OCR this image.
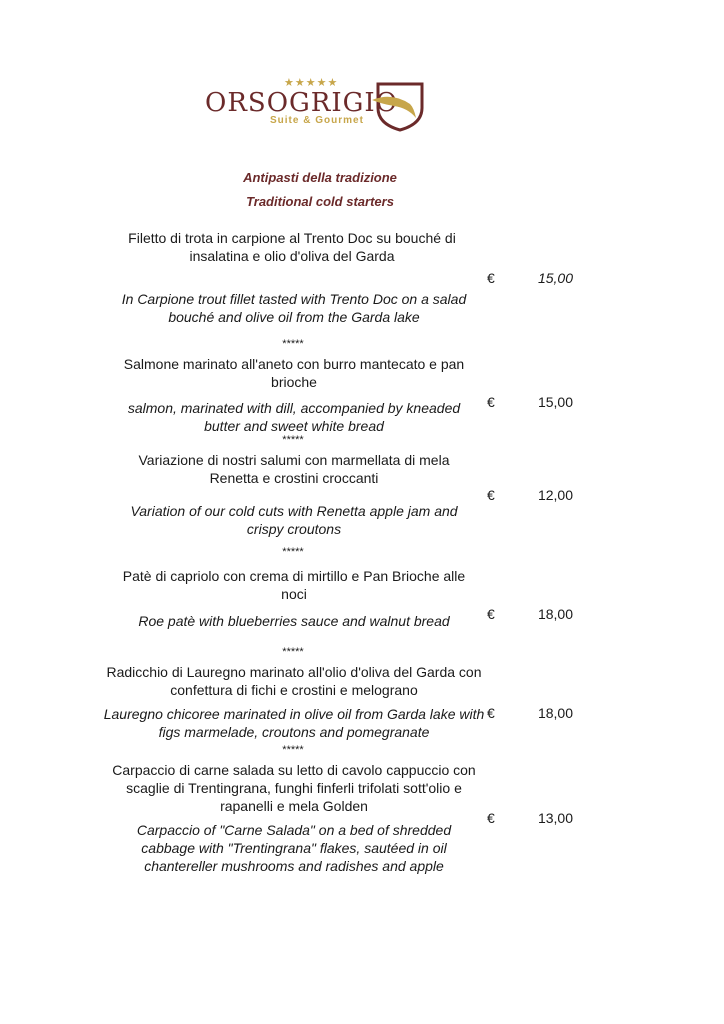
★★★★★
ORSOGRIGIO
Suite & Gourmet
Antipasti della tradizione
Traditional cold starters
Filetto di trota in carpione al Trento Doc su bouché di insalatina e olio d'oliva del Garda
€	15,00
In Carpione trout fillet tasted with Trento Doc on a salad bouché and olive oil from the Garda lake
*****
Salmone marinato all'aneto con burro mantecato e pan brioche
€	15,00
salmon, marinated with dill, accompanied by kneaded butter and sweet white bread
*****
Variazione di nostri salumi con marmellata di mela Renetta e crostini croccanti
€	12,00
Variation of our cold cuts with Renetta apple jam and crispy croutons
*****
Patè di capriolo con crema di mirtillo e Pan Brioche alle noci
€	18,00
Roe patè with blueberries sauce and walnut bread
*****
Radicchio di Lauregno marinato all'olio d'oliva del Garda con confettura di fichi e crostini e melograno
€	18,00
Lauregno chicoree marinated in olive oil from Garda lake with figs marmelade, croutons and pomegranate
*****
Carpaccio di carne salada su letto di cavolo cappuccio con scaglie di Trentingrana, funghi finferli trifolati sott'olio e rapanelli e mela Golden
€	13,00
Carpaccio of "Carne Salada" on a bed of shredded cabbage with "Trentingrana" flakes, sautéed in oil chantereller mushrooms and radishes and apple
